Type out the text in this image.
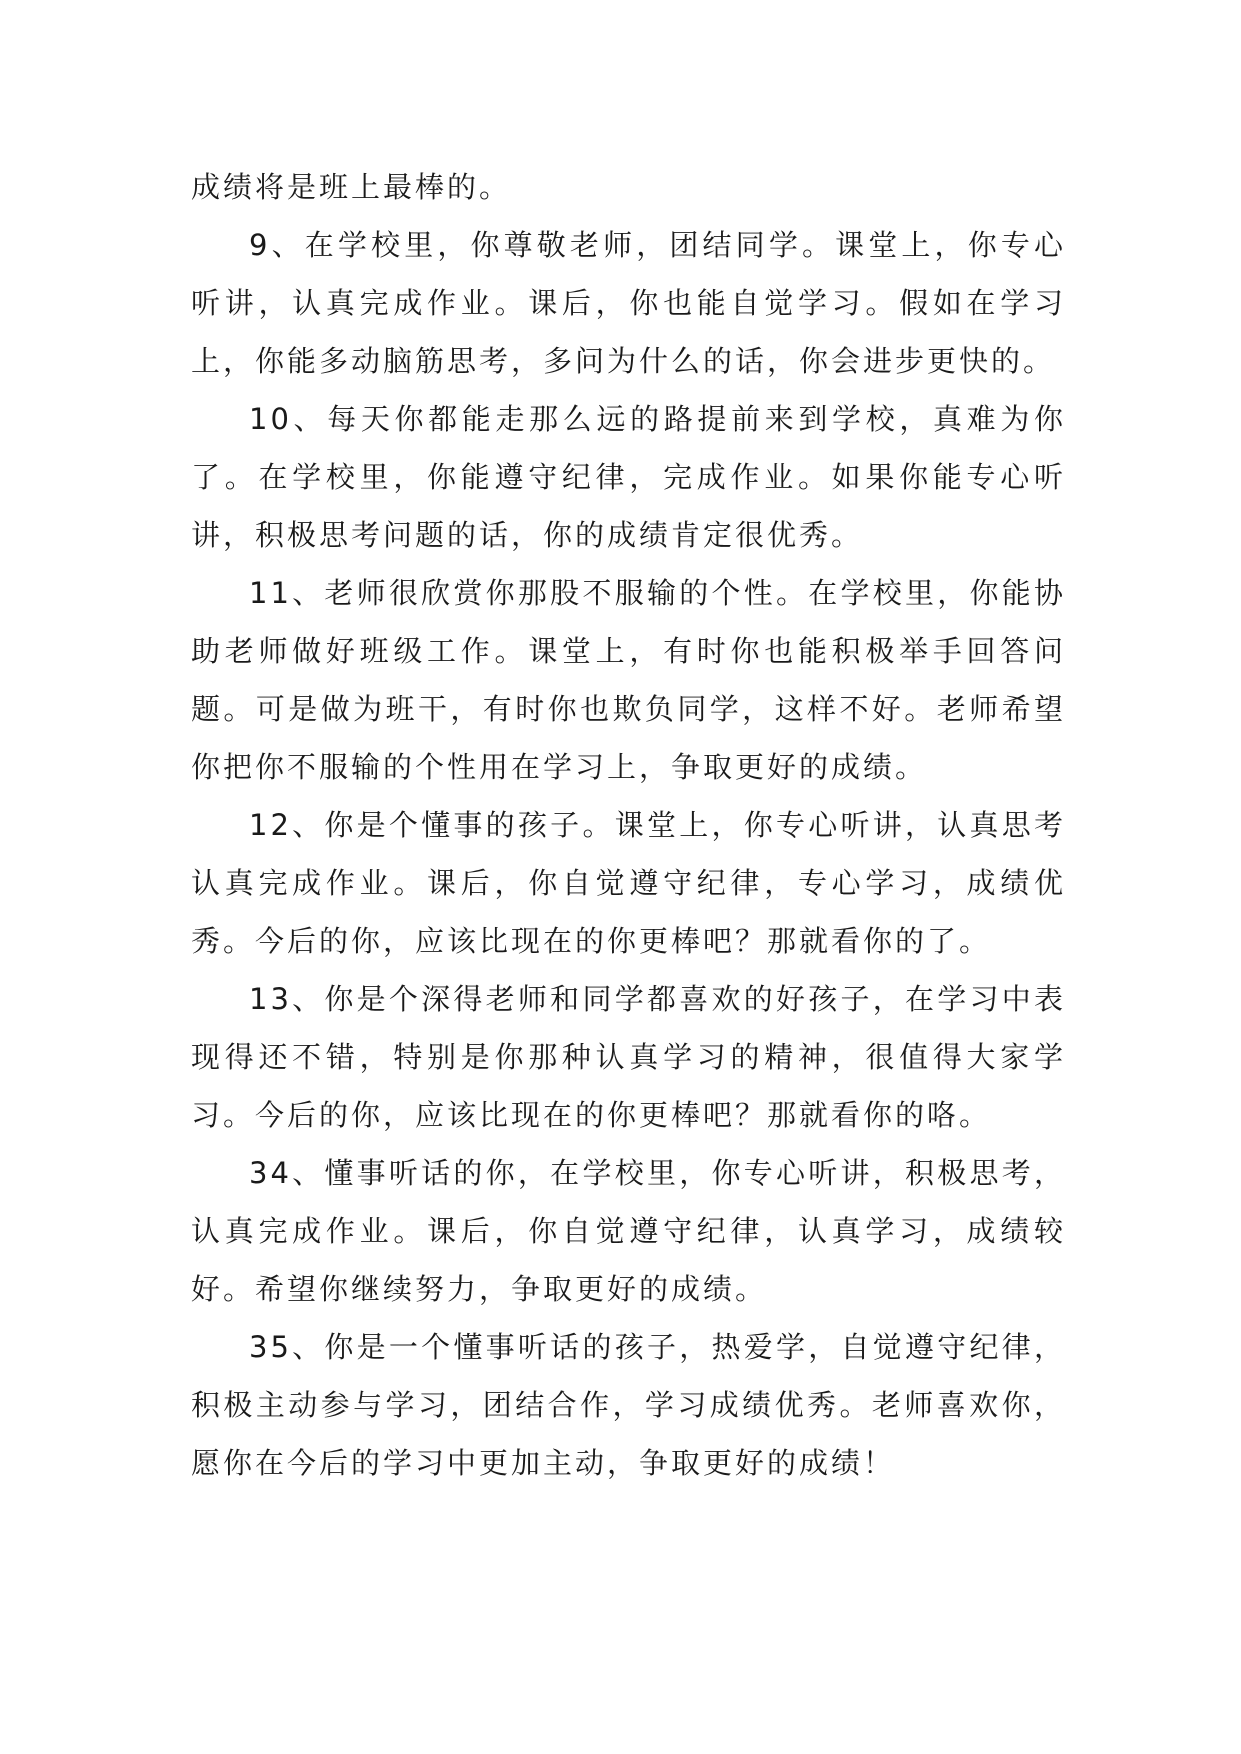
成绩将是班上最棒的。

9、在学校里，你尊敬老师，团结同学。课堂上，你专心听讲，认真完成作业。课后，你也能自觉学习。假如在学习上，你能多动脑筋思考，多问为什么的话，你会进步更快的。

10、每天你都能走那么远的路提前来到学校，真难为你了。在学校里，你能遵守纪律，完成作业。如果你能专心听讲，积极思考问题的话，你的成绩肯定很优秀。

11、老师很欣赏你那股不服输的个性。在学校里，你能协助老师做好班级工作。课堂上，有时你也能积极举手回答问题。可是做为班干，有时你也欺负同学，这样不好。老师希望你把你不服输的个性用在学习上，争取更好的成绩。

12、你是个懂事的孩子。课堂上，你专心听讲，认真思考认真完成作业。课后，你自觉遵守纪律，专心学习，成绩优秀。今后的你，应该比现在的你更棒吧？那就看你的了。

13、你是个深得老师和同学都喜欢的好孩子，在学习中表现得还不错，特别是你那种认真学习的精神，很值得大家学习。今后的你，应该比现在的你更棒吧？那就看你的咯。

34、懂事听话的你，在学校里，你专心听讲，积极思考，认真完成作业。课后，你自觉遵守纪律，认真学习，成绩较好。希望你继续努力，争取更好的成绩。

35、你是一个懂事听话的孩子，热爱学，自觉遵守纪律，积极主动参与学习，团结合作，学习成绩优秀。老师喜欢你，愿你在今后的学习中更加主动，争取更好的成绩！
